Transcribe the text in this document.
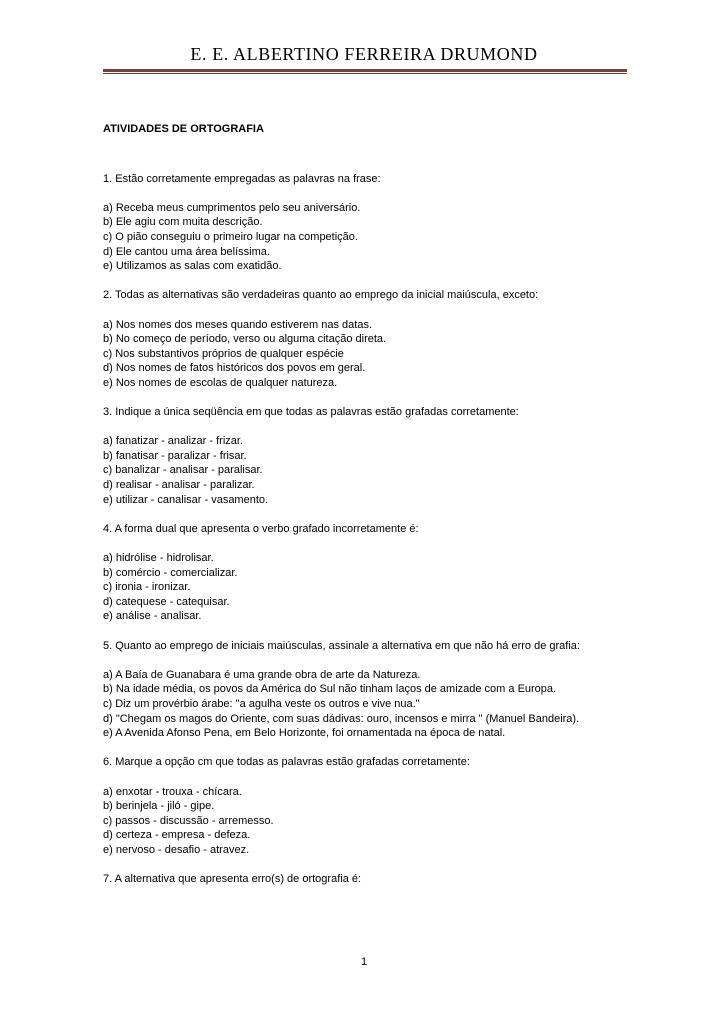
E. E. ALBERTINO FERREIRA DRUMOND

ATIVIDADES DE ORTOGRAFIA

1. Estão corretamente empregadas as palavras na frase:
a) Receba meus cumprimentos pelo seu aniversário.
b) Ele agiu com muita descrição.
c) O pião conseguiu o primeiro lugar na competição.
d) Ele cantou uma área belíssima.
e) Utilizamos as salas com exatidão.
2. Todas as alternativas são verdadeiras quanto ao emprego da inicial maiúscula, exceto:
a) Nos nomes dos meses quando estiverem nas datas.
b) No começo de período, verso ou alguma citação direta.
c) Nos substantivos próprios de qualquer espécie
d) Nos nomes de fatos históricos dos povos em geral.
e) Nos nomes de escolas de qualquer natureza.
3. Indique a única seqüência em que todas as palavras estão grafadas corretamente:
a) fanatizar - analizar - frizar.
b) fanatisar - paralizar - frisar.
c) banalizar - analisar - paralisar.
d) realisar - analisar - paralizar.
e) utilizar - canalisar - vasamento.
4. A forma dual que apresenta o verbo grafado incorretamente é:
a) hidrólise - hidrolisar.
b) comércio - comercializar.
c) ironia - ironizar.
d) catequese - catequisar.
e) análise - analisar.
5. Quanto ao emprego de iniciais maiúsculas, assinale a alternativa em que não há erro de grafia:
a) A Baía de Guanabara é uma grande obra de arte da Natureza.
b) Na idade média, os povos da América do Sul não tinham laços de amizade com a Europa.
c) Diz um provérbio árabe: "a agulha veste os outros e vive nua."
d) "Chegam os magos do Oriente, com suas dádivas: ouro, incensos e mirra " (Manuel Bandeira).
e) A Avenida Afonso Pena, em Belo Horizonte, foi ornamentada na época de natal.
6. Marque a opção cm que todas as palavras estão grafadas corretamente:
a) enxotar - trouxa - chícara.
b) berinjela - jiló - gipe.
c) passos - discussão - arremesso.
d) certeza - empresa - defeza.
e) nervoso - desafio - atravez.
7. A alternativa que apresenta erro(s) de ortografia é:
1
